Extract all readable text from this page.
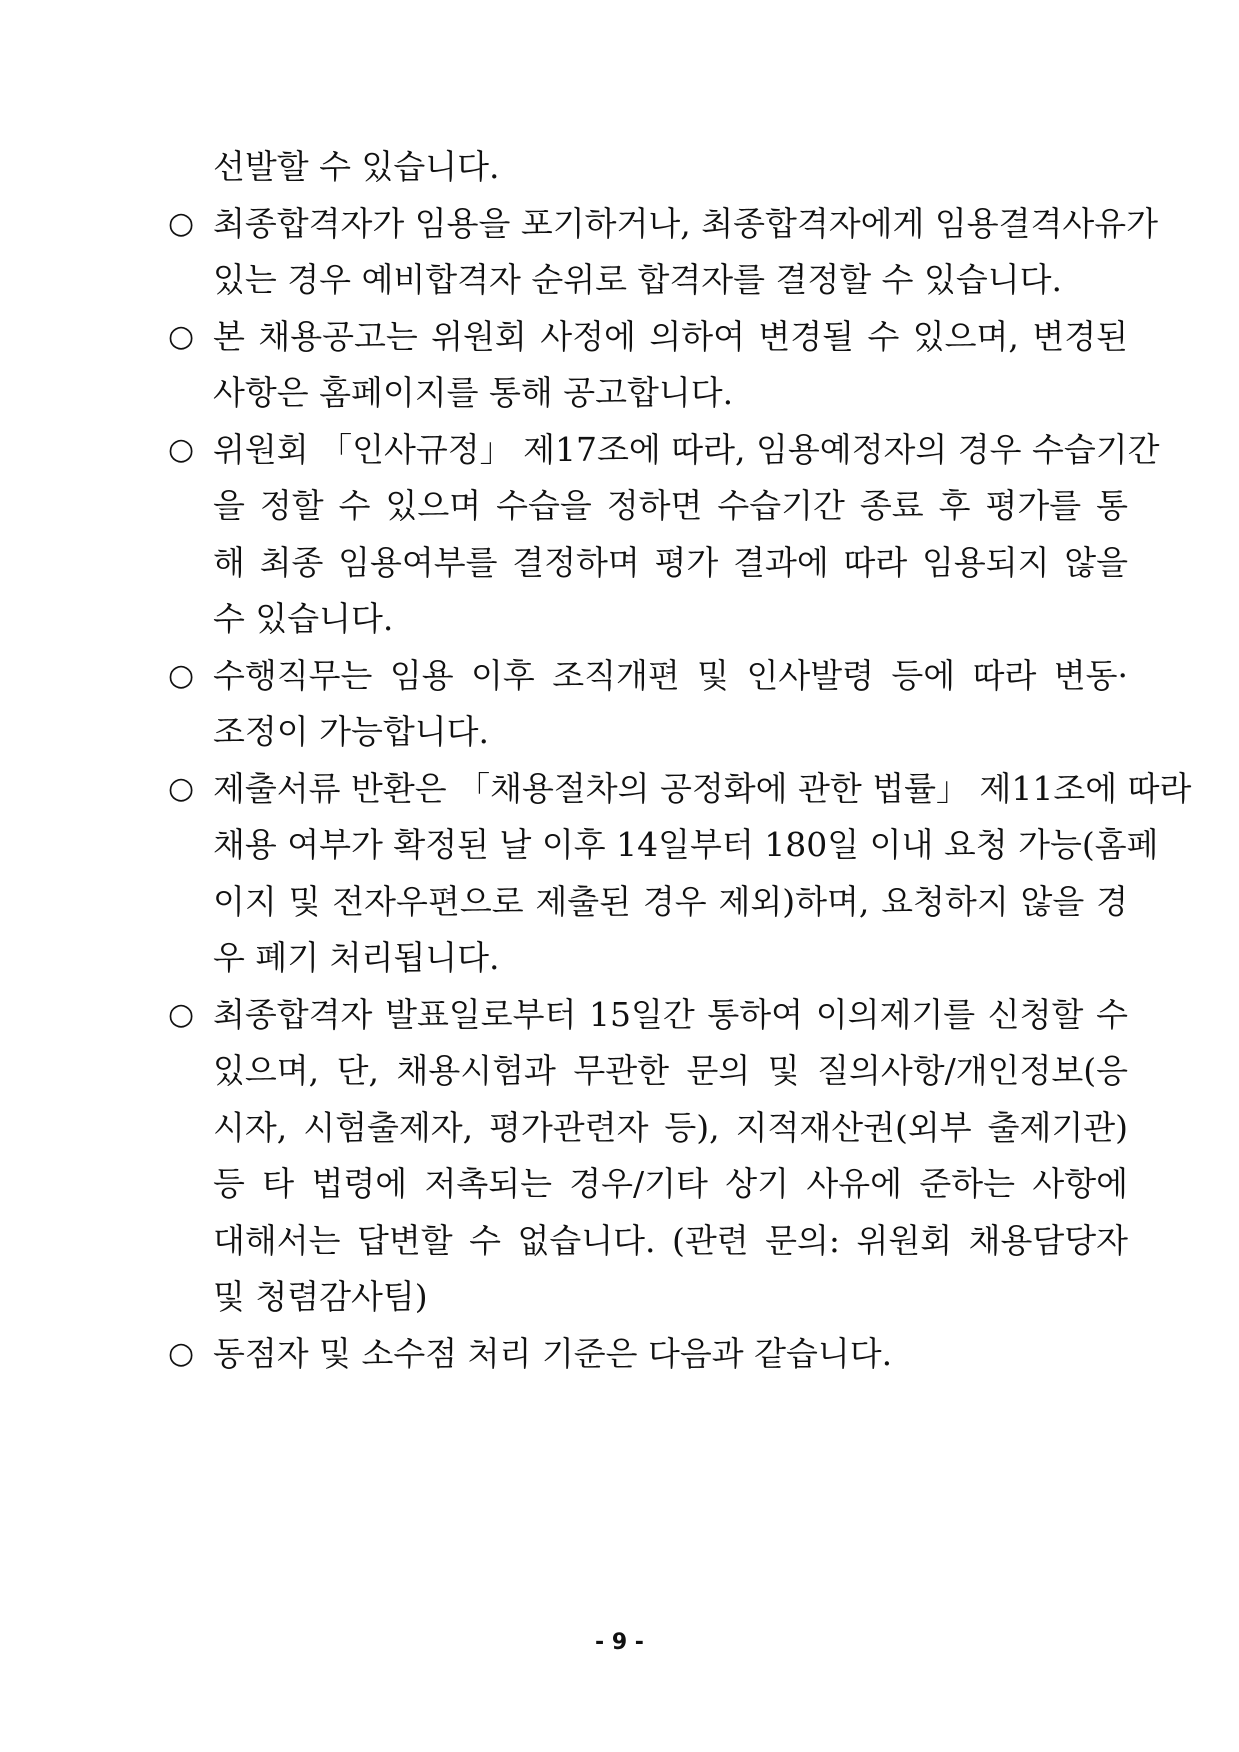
선발할 수 있습니다.
○ 최종합격자가 임용을 포기하거나, 최종합격자에게 임용결격사유가
있는 경우 예비합격자 순위로 합격자를 결정할 수 있습니다.
○ 본 채용공고는 위원회 사정에 의하여 변경될 수 있으며, 변경된
사항은 홈페이지를 통해 공고합니다.
○ 위원회 「인사규정」 제17조에 따라, 임용예정자의 경우 수습기간
을 정할 수 있으며 수습을 정하면 수습기간 종료 후 평가를 통
해 최종 임용여부를 결정하며 평가 결과에 따라 임용되지 않을
수 있습니다.
○ 수행직무는 임용 이후 조직개편 및 인사발령 등에 따라 변동·
조정이 가능합니다.
○ 제출서류 반환은 「채용절차의 공정화에 관한 법률」 제11조에 따라
채용 여부가 확정된 날 이후 14일부터 180일 이내 요청 가능(홈페
이지 및 전자우편으로 제출된 경우 제외)하며, 요청하지 않을 경
우 폐기 처리됩니다.
○ 최종합격자 발표일로부터 15일간 통하여 이의제기를 신청할 수
있으며, 단, 채용시험과 무관한 문의 및 질의사항/개인정보(응
시자, 시험출제자, 평가관련자 등), 지적재산권(외부 출제기관)
등 타 법령에 저촉되는 경우/기타 상기 사유에 준하는 사항에
대해서는 답변할 수 없습니다. (관련 문의: 위원회 채용담당자
및 청렴감사팀)
○ 동점자 및 소수점 처리 기준은 다음과 같습니다.
- 9 -
